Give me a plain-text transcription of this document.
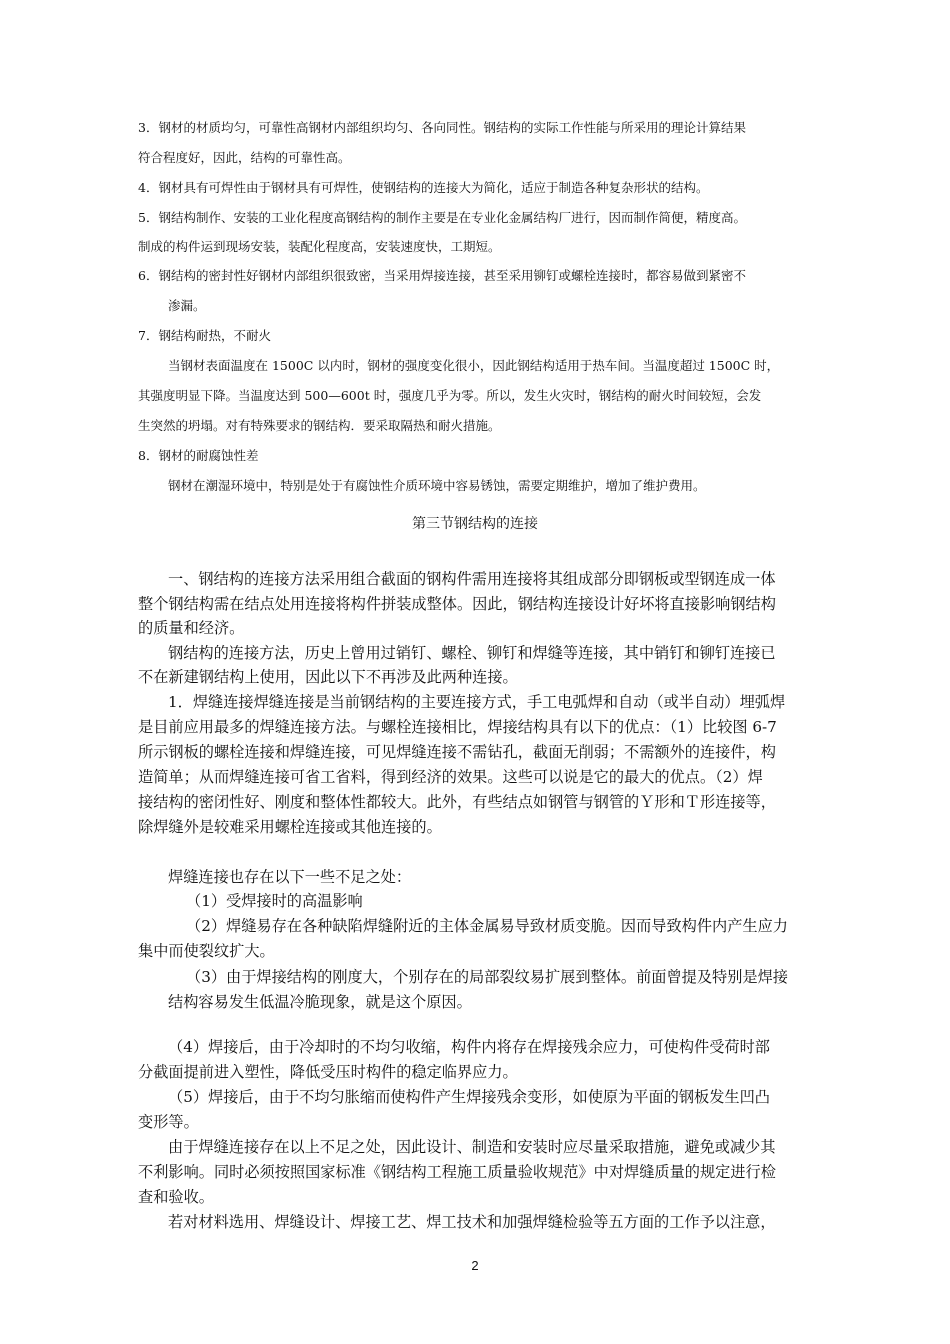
3．钢材的材质均匀，可靠性高钢材内部组织均匀、各向同性。钢结构的实际工作性能与所采用的理论计算结果
符合程度好，因此，结构的可靠性高。
4．钢材具有可焊性由于钢材具有可焊性，使钢结构的连接大为简化，适应于制造各种复杂形状的结构。
5．钢结构制作、安装的工业化程度高钢结构的制作主要是在专业化金属结构厂进行，因而制作简便，精度高。
制成的构件运到现场安装，装配化程度高，安装速度快，工期短。
6．钢结构的密封性好钢材内部组织很致密，当采用焊接连接，甚至采用铆钉或螺栓连接时，都容易做到紧密不
渗漏。
7．钢结构耐热，不耐火
当钢材表面温度在 1500C 以内时，钢材的强度变化很小，因此钢结构适用于热车间。当温度超过 1500C 时，
其强度明显下降。当温度达到 500—600t 时，强度几乎为零。所以，发生火灾时，钢结构的耐火时间较短，会发
生突然的坍塌。对有特殊要求的钢结构．要采取隔热和耐火措施。
8．钢材的耐腐蚀性差
钢材在潮湿环境中，特别是处于有腐蚀性介质环境中容易锈蚀，需要定期维护，增加了维护费用。
第三节钢结构的连接
一、钢结构的连接方法采用组合截面的钢构件需用连接将其组成部分即钢板或型钢连成一体
整个钢结构需在结点处用连接将构件拼装成整体。因此，钢结构连接设计好坏将直接影响钢结构
的质量和经济。
钢结构的连接方法，历史上曾用过销钉、螺栓、铆钉和焊缝等连接，其中销钉和铆钉连接已
不在新建钢结构上使用，因此以下不再涉及此两种连接。
1．焊缝连接焊缝连接是当前钢结构的主要连接方式，手工电弧焊和自动（或半自动）埋弧焊
是目前应用最多的焊缝连接方法。与螺栓连接相比，焊接结构具有以下的优点：（1）比较图 6-7
所示钢板的螺栓连接和焊缝连接，可见焊缝连接不需钻孔，截面无削弱；不需额外的连接件，构
造简单；从而焊缝连接可省工省料，得到经济的效果。这些可以说是它的最大的优点。（2）焊
接结构的密闭性好、刚度和整体性都较大。此外，有些结点如钢管与钢管的Ｙ形和Ｔ形连接等，
除焊缝外是较难采用螺栓连接或其他连接的。
焊缝连接也存在以下一些不足之处：
（1）受焊接时的高温影响
（2）焊缝易存在各种缺陷焊缝附近的主体金属易导致材质变脆。因而导致构件内产生应力
集中而使裂纹扩大。
（3）由于焊接结构的刚度大，个别存在的局部裂纹易扩展到整体。前面曾提及特别是焊接
结构容易发生低温冷脆现象，就是这个原因。
（4）焊接后，由于冷却时的不均匀收缩，构件内将存在焊接残余应力，可使构件受荷时部
分截面提前进入塑性，降低受压时构件的稳定临界应力。
（5）焊接后，由于不均匀胀缩而使构件产生焊接残余变形，如使原为平面的钢板发生凹凸
变形等。
由于焊缝连接存在以上不足之处，因此设计、制造和安装时应尽量采取措施，避免或减少其
不利影响。同时必须按照国家标准《钢结构工程施工质量验收规范》中对焊缝质量的规定进行检
查和验收。
若对材料选用、焊缝设计、焊接工艺、焊工技术和加强焊缝检验等五方面的工作予以注意，
2
